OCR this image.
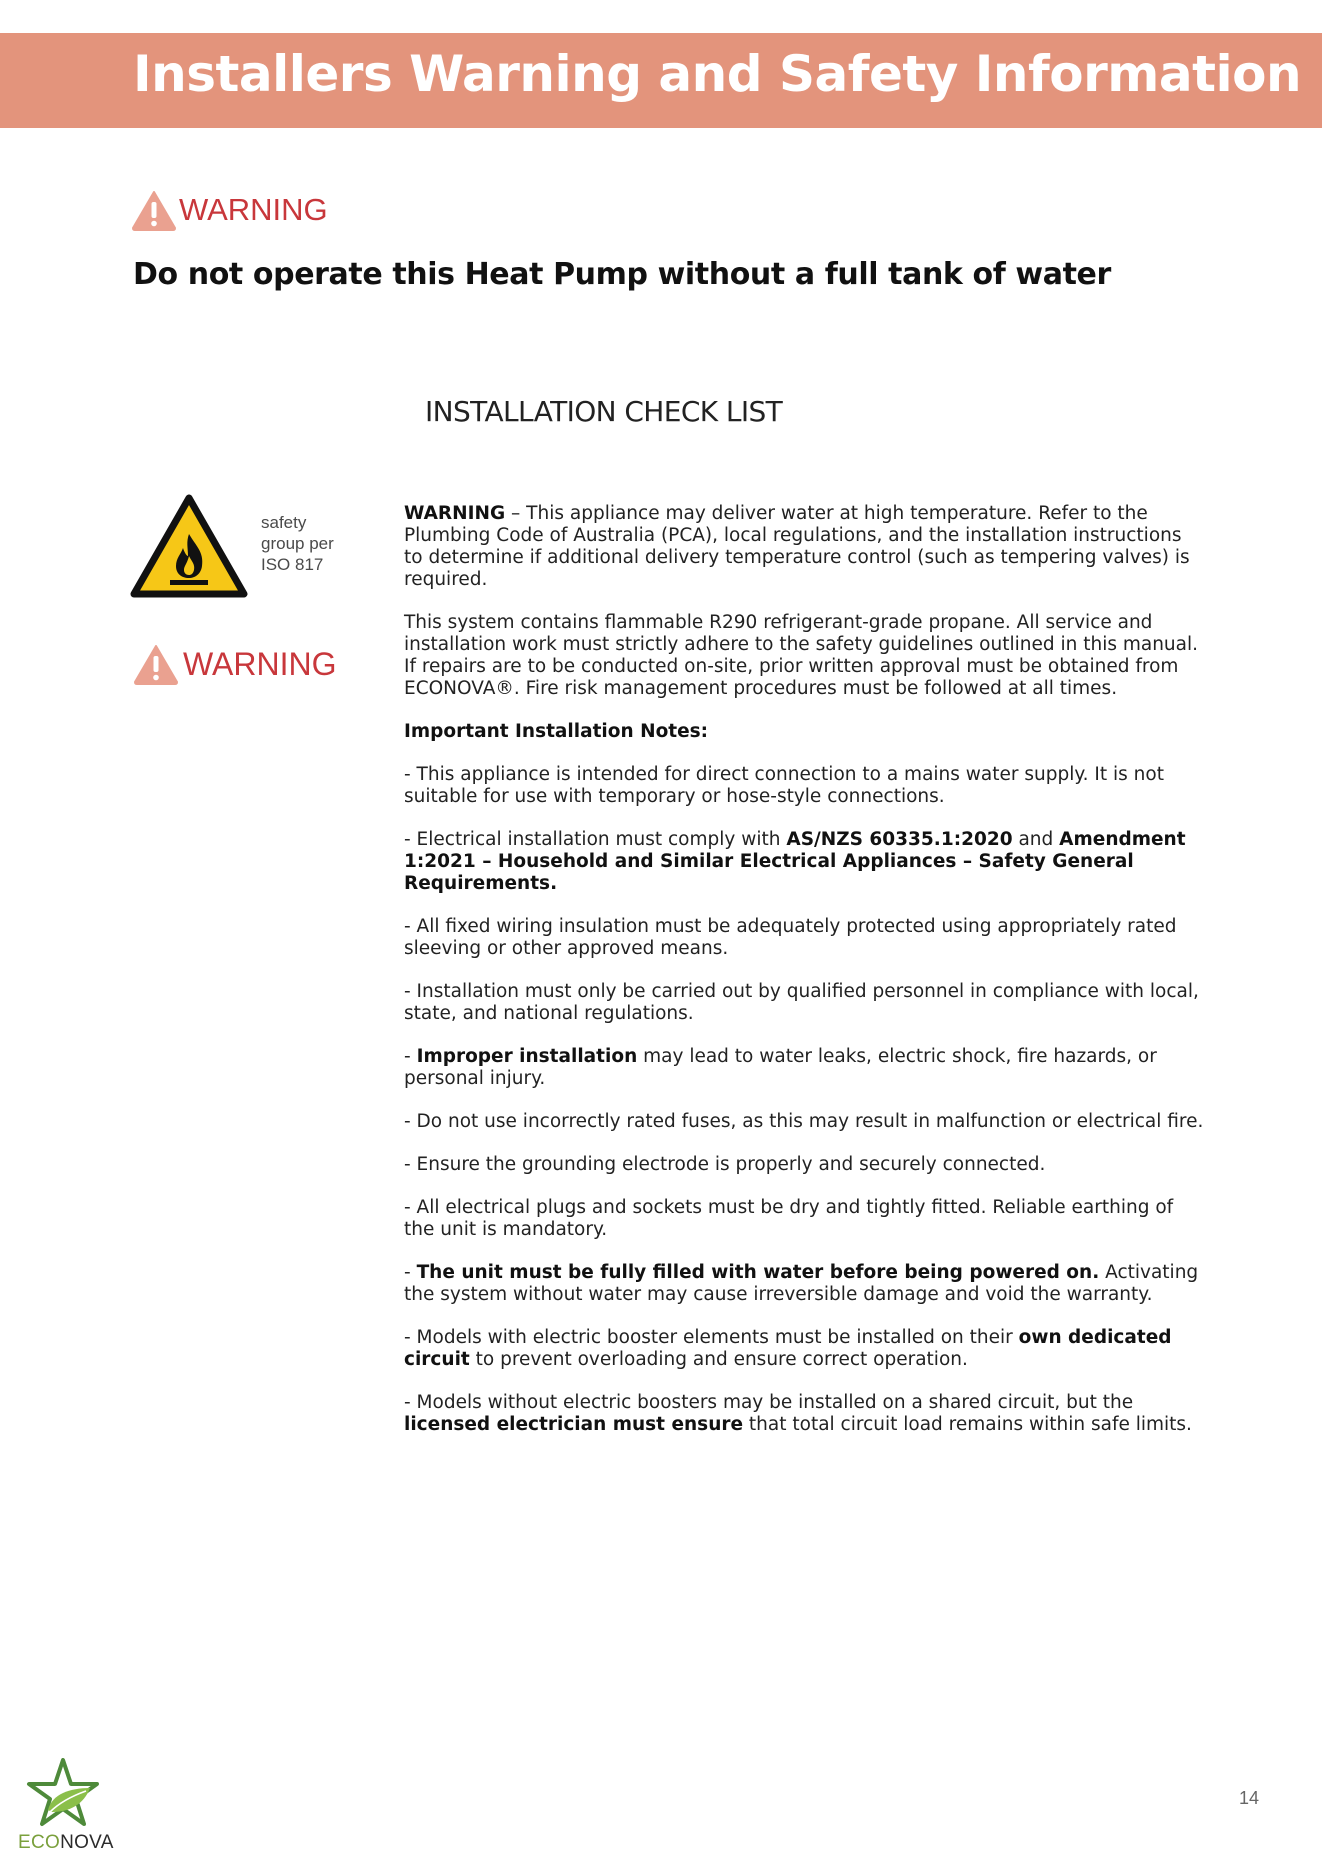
Installers Warning and Safety Information
WARNING
Do not operate this Heat Pump without a full tank of water
INSTALLATION CHECK LIST
safety
group per
ISO 817
WARNING

WARNING – This appliance may deliver water at high temperature. Refer to the Plumbing Code of Australia (PCA), local regulations, and the installation instructions to determine if additional delivery temperature control (such as tempering valves) is required.

This system contains flammable R290 refrigerant-grade propane. All service and installation work must strictly adhere to the safety guidelines outlined in this manual. If repairs are to be conducted on-site, prior written approval must be obtained from ECONOVA®. Fire risk management procedures must be followed at all times.

Important Installation Notes:

- This appliance is intended for direct connection to a mains water supply. It is not suitable for use with temporary or hose-style connections.

- Electrical installation must comply with AS/NZS 60335.1:2020 and Amendment 1:2021 – Household and Similar Electrical Appliances – Safety General Requirements.

- All fixed wiring insulation must be adequately protected using appropriately rated sleeving or other approved means.

- Installation must only be carried out by qualified personnel in compliance with local, state, and national regulations.

- Improper installation may lead to water leaks, electric shock, fire hazards, or personal injury.

- Do not use incorrectly rated fuses, as this may result in malfunction or electrical fire.

- Ensure the grounding electrode is properly and securely connected.

- All electrical plugs and sockets must be dry and tightly fitted. Reliable earthing of the unit is mandatory.

- The unit must be fully filled with water before being powered on. Activating the system without water may cause irreversible damage and void the warranty.

- Models with electric booster elements must be installed on their own dedicated circuit to prevent overloading and ensure correct operation.

- Models without electric boosters may be installed on a shared circuit, but the licensed electrician must ensure that total circuit load remains within safe limits.

ECONOVA
14
